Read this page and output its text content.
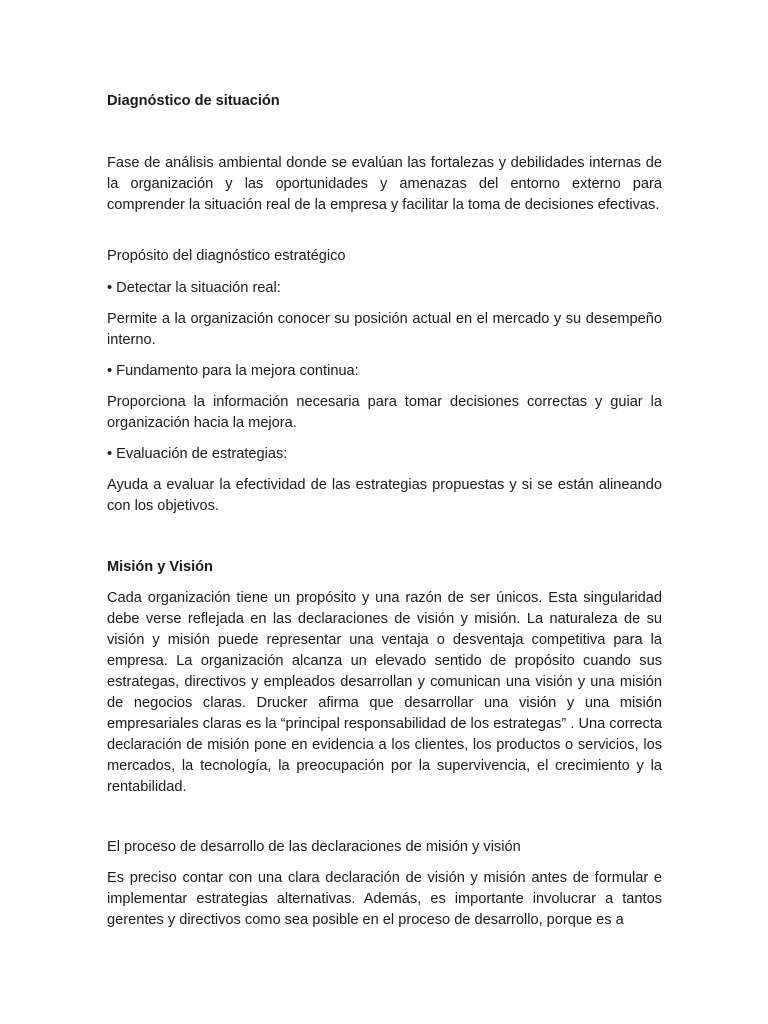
Diagnóstico de situación

Fase de análisis ambiental donde se evalúan las fortalezas y debilidades internas de la organización y las oportunidades y amenazas del entorno externo para comprender la situación real de la empresa y facilitar la toma de decisiones efectivas.

Propósito del diagnóstico estratégico

• Detectar la situación real:

Permite a la organización conocer su posición actual en el mercado y su desempeño interno.

• Fundamento para la mejora continua:

Proporciona la información necesaria para tomar decisiones correctas y guiar la organización hacia la mejora.

• Evaluación de estrategias:

Ayuda a evaluar la efectividad de las estrategias propuestas y si se están alineando con los objetivos.

Misión y Visión

Cada organización tiene un propósito y una razón de ser únicos. Esta singularidad debe verse reflejada en las declaraciones de visión y misión. La naturaleza de su visión y misión puede representar una ventaja o desventaja competitiva para la empresa. La organización alcanza un elevado sentido de propósito cuando sus estrategas, directivos y empleados desarrollan y comunican una visión y una misión de negocios claras. Drucker afirma que desarrollar una visión y una misión empresariales claras es la “principal responsabilidad de los estrategas” . Una correcta declaración de misión pone en evidencia a los clientes, los productos o servicios, los mercados, la tecnología, la preocupación por la supervivencia, el crecimiento y la rentabilidad.

El proceso de desarrollo de las declaraciones de misión y visión

Es preciso contar con una clara declaración de visión y misión antes de formular e implementar estrategias alternativas. Además, es importante involucrar a tantos gerentes y directivos como sea posible en el proceso de desarrollo, porque es a
